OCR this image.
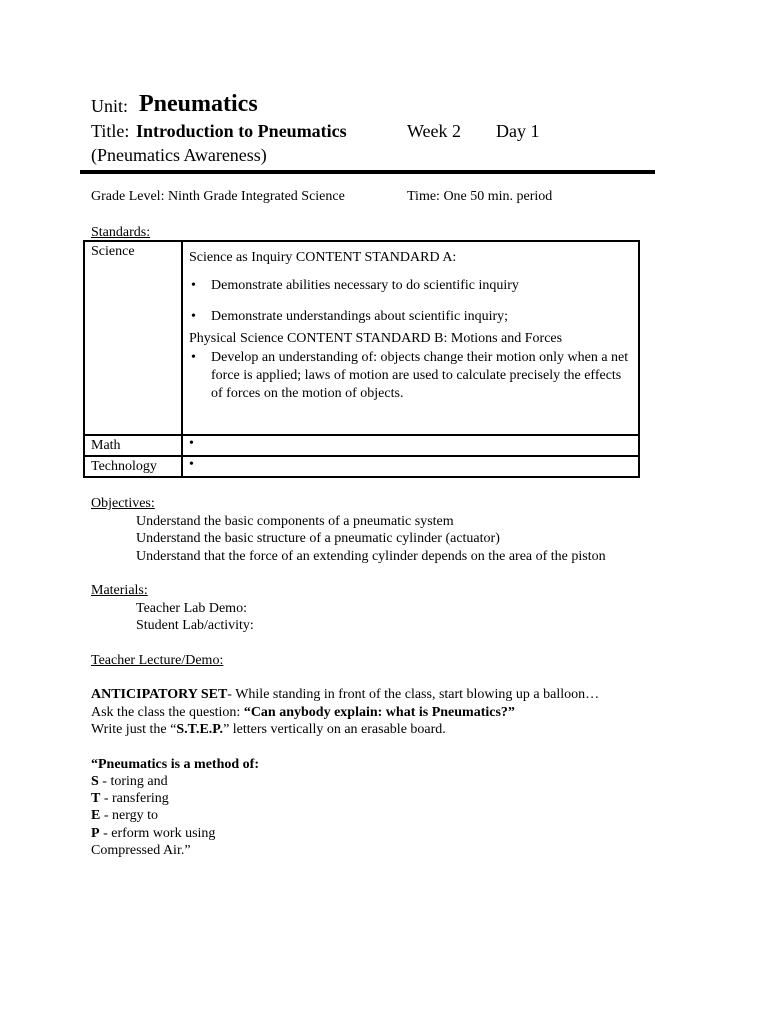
Unit: Pneumatics
Title: Introduction to Pneumatics	Week 2 Day 1
(Pneumatics Awareness)
Grade Level: Ninth Grade Integrated Science	Time: One 50 min. period
Standards:
Science	Science as Inquiry CONTENT STANDARD A:
• Demonstrate abilities necessary to do scientific inquiry
• Demonstrate understandings about scientific inquiry;
Physical Science CONTENT STANDARD B: Motions and Forces
• Develop an understanding of: objects change their motion only when a net force is applied; laws of motion are used to calculate precisely the effects of forces on the motion of objects.

Math	•
Technology	•
Objectives:
Understand the basic components of a pneumatic system
Understand the basic structure of a pneumatic cylinder (actuator)
Understand that the force of an extending cylinder depends on the area of the piston
Materials:
Teacher Lab Demo:
Student Lab/activity:
Teacher Lecture/Demo:
ANTICIPATORY SET- While standing in front of the class, start blowing up a balloon…
Ask the class the question: “Can anybody explain: what is Pneumatics?”
Write just the “S.T.E.P.” letters vertically on an erasable board.
“Pneumatics is a method of:
S - toring and
T - ransfering
E - nergy to
P - erform work using
Compressed Air.”
